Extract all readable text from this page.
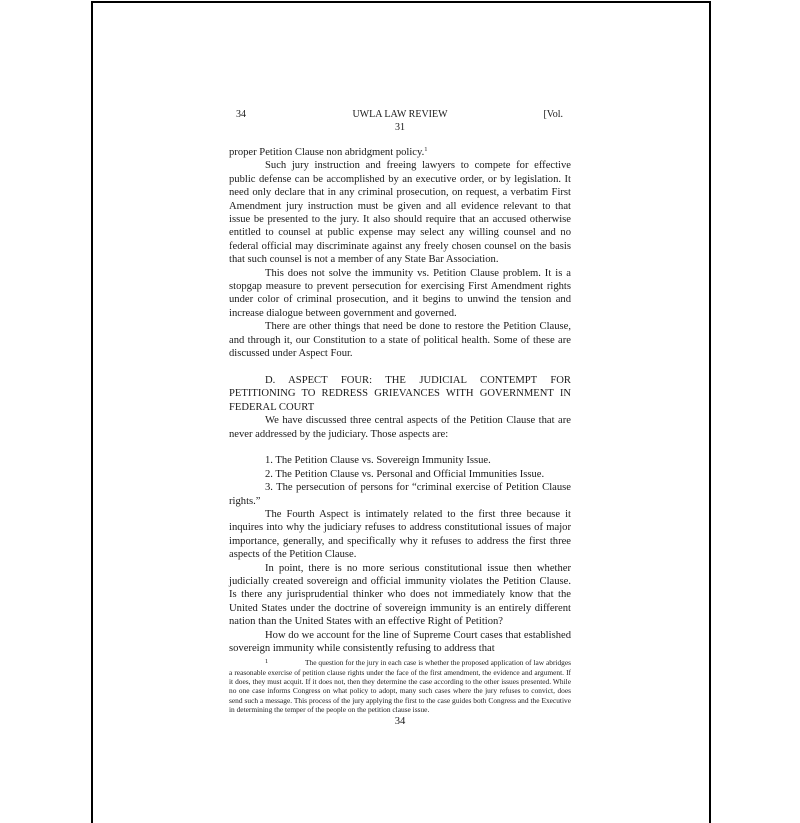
34	UWLA LAW REVIEW	[Vol.
31

proper Petition Clause non abridgment policy.$^1$

Such jury instruction and freeing lawyers to compete for effective public defense can be accomplished by an executive order, or by legislation. It need only declare that in any criminal prosecution, on request, a verbatim First Amendment jury instruction must be given and all evidence relevant to that issue be presented to the jury. It also should require that an accused otherwise entitled to counsel at public expense may select any willing counsel and no federal official may discriminate against any freely chosen counsel on the basis that such counsel is not a member of any State Bar Association.

This does not solve the immunity vs. Petition Clause problem. It is a stopgap measure to prevent persecution for exercising First Amendment rights under color of criminal prosecution, and it begins to unwind the tension and increase dialogue between government and governed.

There are other things that need be done to restore the Petition Clause, and through it, our Constitution to a state of political health. Some of these are discussed under Aspect Four.

D. ASPECT FOUR: THE JUDICIAL CONTEMPT FOR PETITIONING TO REDRESS GRIEVANCES WITH GOVERNMENT IN FEDERAL COURT

We have discussed three central aspects of the Petition Clause that are never addressed by the judiciary. Those aspects are:

1. The Petition Clause vs. Sovereign Immunity Issue.

2. The Petition Clause vs. Personal and Official Immunities Issue.

3. The persecution of persons for “criminal exercise of Petition Clause rights.”

The Fourth Aspect is intimately related to the first three because it inquires into why the judiciary refuses to address constitutional issues of major importance, generally, and specifically why it refuses to address the first three aspects of the Petition Clause.

In point, there is no more serious constitutional issue then whether judicially created sovereign and official immunity violates the Petition Clause. Is there any jurisprudential thinker who does not immediately know that the United States under the doctrine of sovereign immunity is an entirely different nation than the United States with an effective Right of Petition?

How do we account for the line of Supreme Court cases that established sovereign immunity while consistently refusing to address that

1	The question for the jury in each case is whether the proposed application of law abridges a reasonable exercise of petition clause rights under the face of the first amendment, the evidence and argument. If it does, they must acquit. If it does not, then they determine the case according to the other issues presented. While no one case informs Congress on what policy to adopt, many such cases where the jury refuses to convict, does send such a message. This process of the jury applying the first to the case guides both Congress and the Executive in determining the temper of the people on the petition clause issue.
34
